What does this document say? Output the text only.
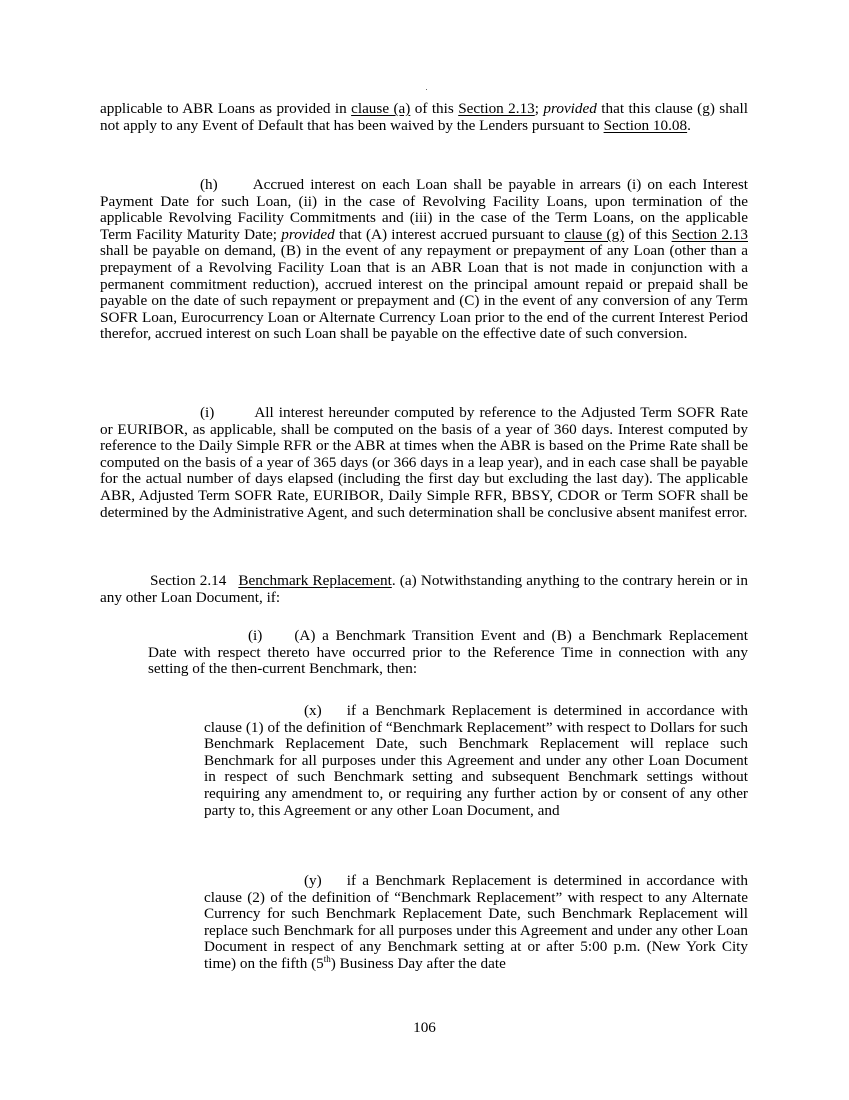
applicable to ABR Loans as provided in clause (a) of this Section 2.13; provided that this clause (g) shall not apply to any Event of Default that has been waived by the Lenders pursuant to Section 10.08.

(h) Accrued interest on each Loan shall be payable in arrears (i) on each Interest Payment Date for such Loan, (ii) in the case of Revolving Facility Loans, upon termination of the applicable Revolving Facility Commitments and (iii) in the case of the Term Loans, on the applicable Term Facility Maturity Date; provided that (A) interest accrued pursuant to clause (g) of this Section 2.13 shall be payable on demand, (B) in the event of any repayment or prepayment of any Loan (other than a prepayment of a Revolving Facility Loan that is an ABR Loan that is not made in conjunction with a permanent commitment reduction), accrued interest on the principal amount repaid or prepaid shall be payable on the date of such repayment or prepayment and (C) in the event of any conversion of any Term SOFR Loan, Eurocurrency Loan or Alternate Currency Loan prior to the end of the current Interest Period therefor, accrued interest on such Loan shall be payable on the effective date of such conversion.

(i)	All interest hereunder computed by reference to the Adjusted Term SOFR Rate or EURIBOR, as applicable, shall be computed on the basis of a year of 360 days. Interest computed by reference to the Daily Simple RFR or the ABR at times when the ABR is based on the Prime Rate shall be computed on the basis of a year of 365 days (or 366 days in a leap year), and in each case shall be payable for the actual number of days elapsed (including the first day but excluding the last day). The applicable ABR, Adjusted Term SOFR Rate, EURIBOR, Daily Simple RFR, BBSY, CDOR or Term SOFR shall be determined by the Administrative Agent, and such determination shall be conclusive absent manifest error.

Section 2.14 Benchmark Replacement. (a) Notwithstanding anything to the contrary herein or in any other Loan Document, if:

(i) (A) a Benchmark Transition Event and (B) a Benchmark Replacement Date with respect thereto have occurred prior to the Reference Time in connection with any setting of the then-current Benchmark, then:

(x) if a Benchmark Replacement is determined in accordance with clause (1) of the definition of “Benchmark Replacement” with respect to Dollars for such Benchmark Replacement Date, such Benchmark Replacement will replace such Benchmark for all purposes under this Agreement and under any other Loan Document in respect of such Benchmark setting and subsequent Benchmark settings without requiring any amendment to, or requiring any further action by or consent of any other party to, this Agreement or any other Loan Document, and

(y) if a Benchmark Replacement is determined in accordance with clause (2) of the definition of “Benchmark Replacement” with respect to any Alternate Currency for such Benchmark Replacement Date, such Benchmark Replacement will replace such Benchmark for all purposes under this Agreement and under any other Loan Document in respect of any Benchmark setting at or after 5:00 p.m. (New York City time) on the fifth (5th) Business Day after the date

106
